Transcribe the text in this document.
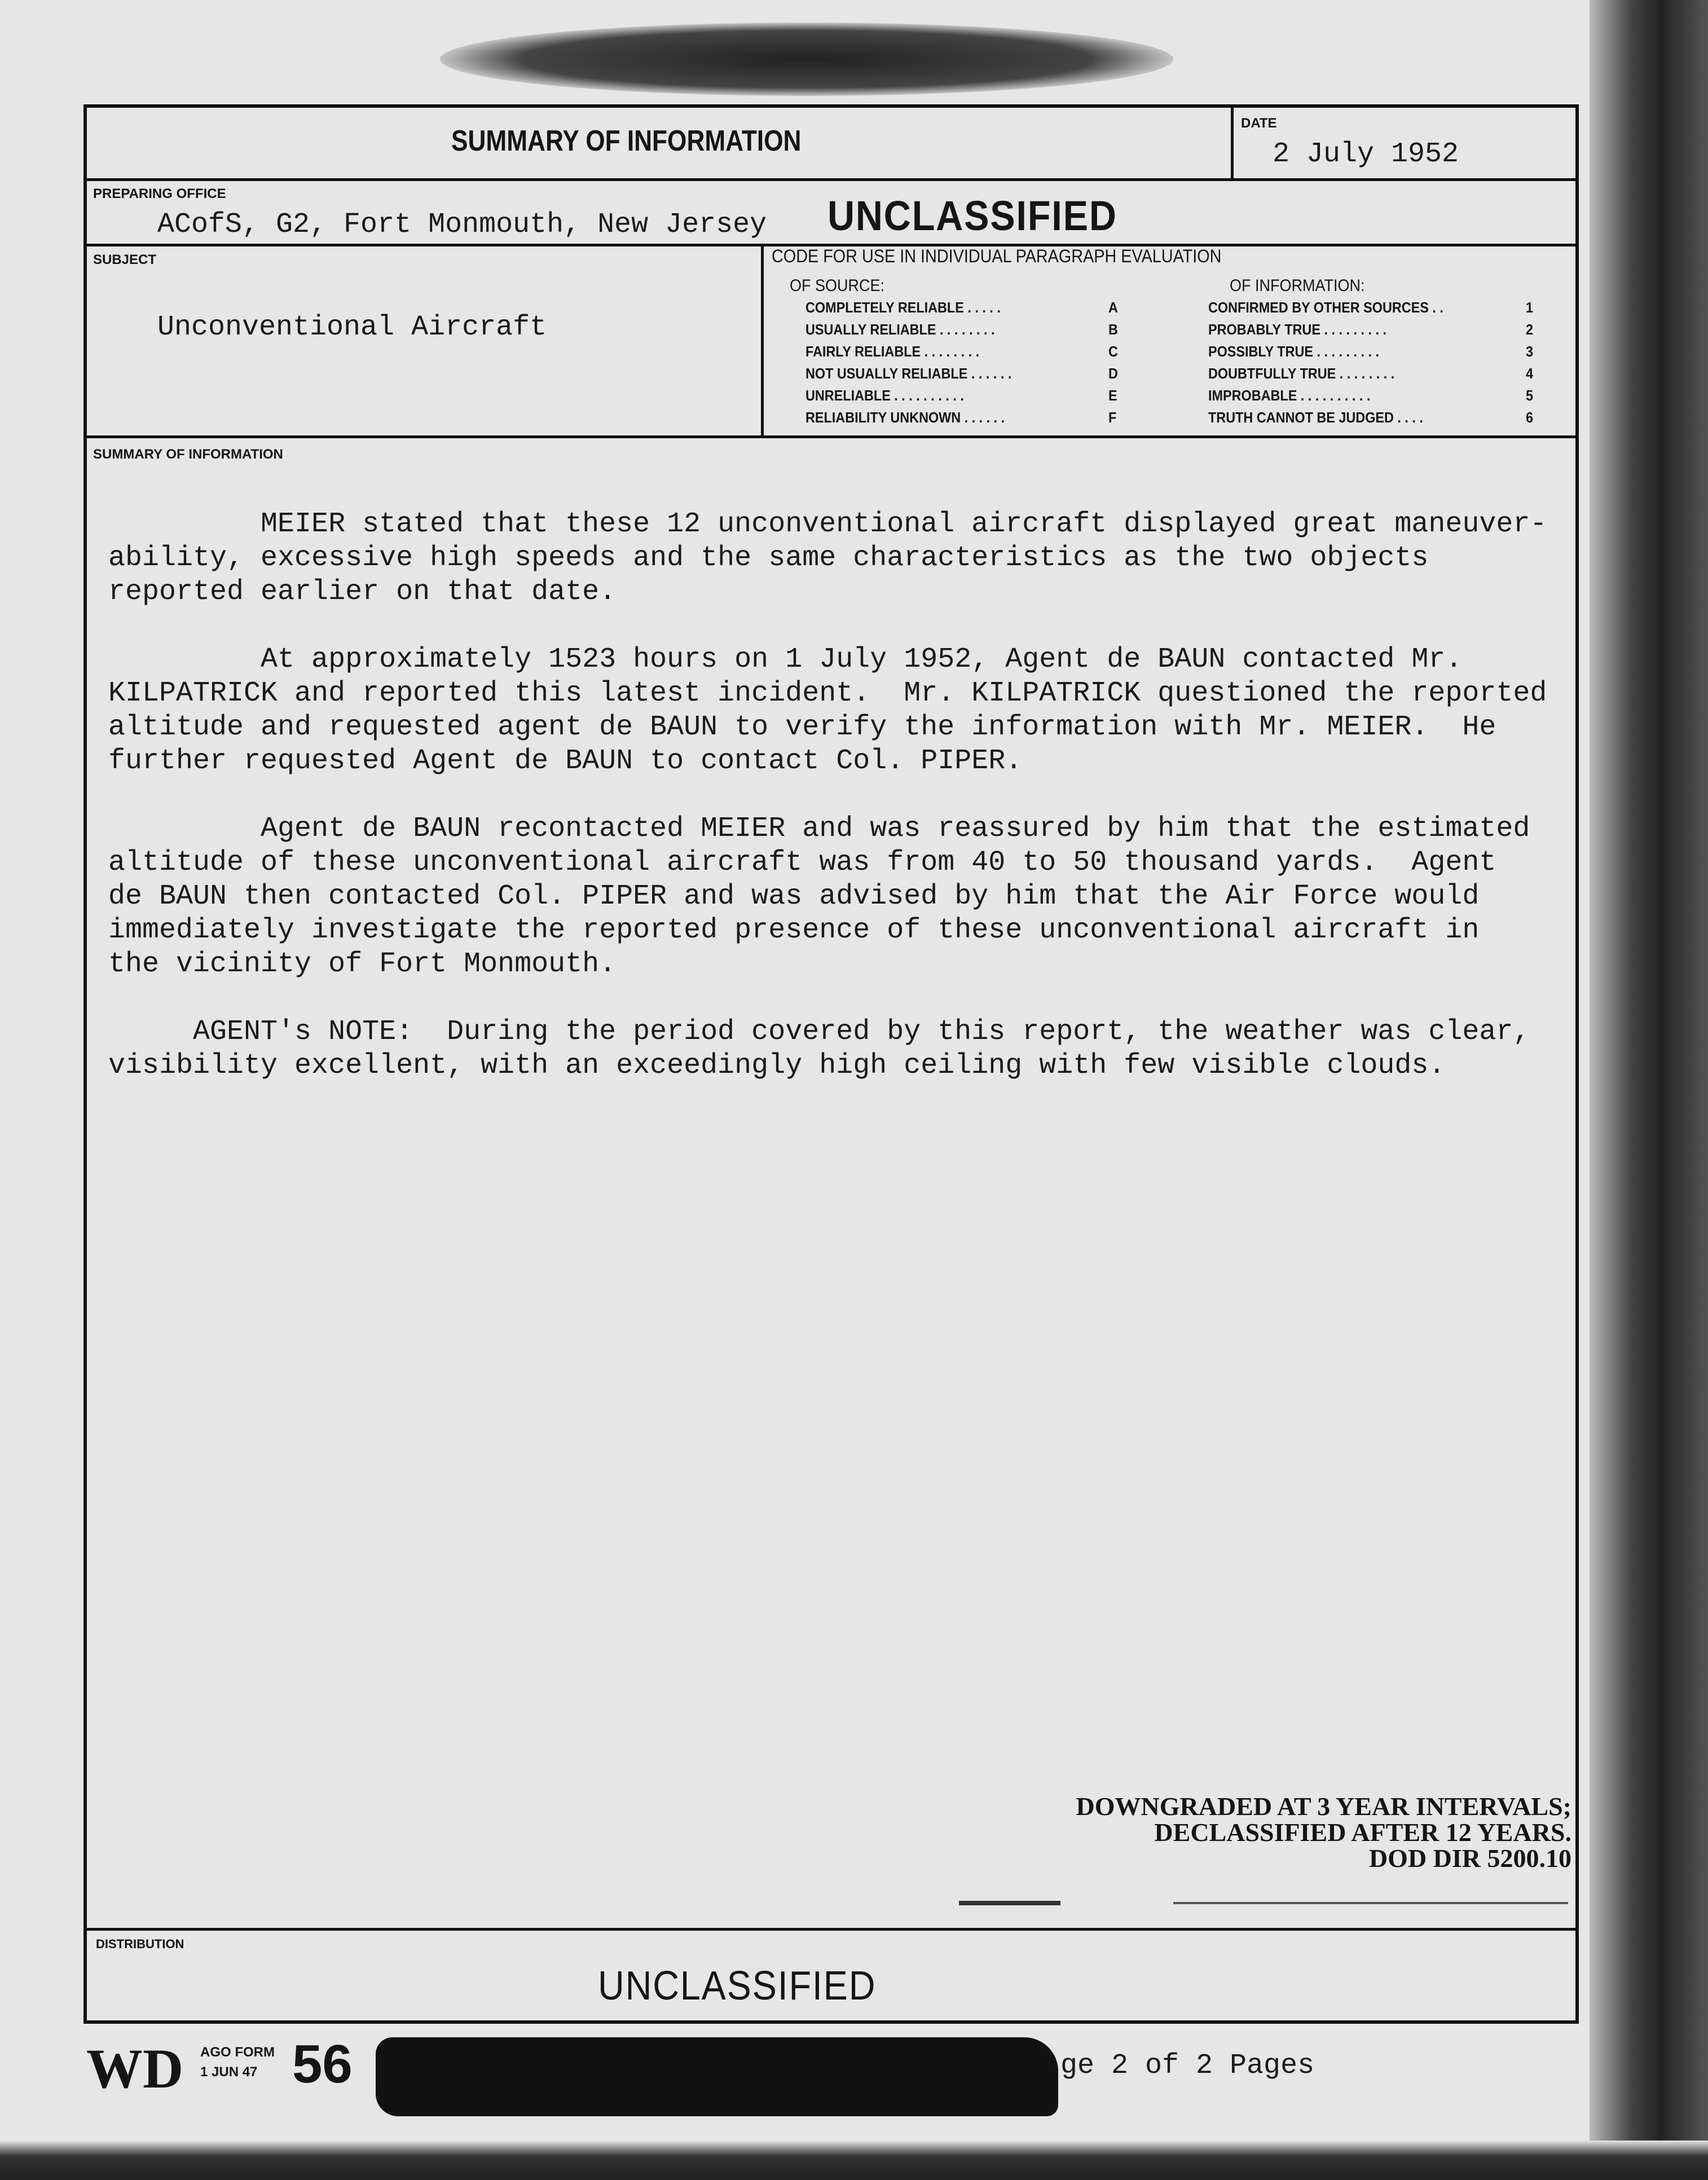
SUMMARY OF INFORMATION
DATE
2 July 1952
PREPARING OFFICE
ACofS, G2, Fort Monmouth, New Jersey UNCLASSIFIED
SUBJECT
Unconventional Aircraft
CODE FOR USE IN INDIVIDUAL PARAGRAPH EVALUATION
OF SOURCE:	OF INFORMATION:
COMPLETELY RELIABLE . . . . .	A	CONFIRMED BY OTHER SOURCES . .	1
USUALLY RELIABLE . . . . . . . .	B	PROBABLY TRUE . . . . . . . . .	2
FAIRLY RELIABLE . . . . . . . .	C	POSSIBLY TRUE . . . . . . . . .	3
NOT USUALLY RELIABLE . . . . . .	D	DOUBTFULLY TRUE . . . . . . . .	4
UNRELIABLE . . . . . . . . . .	E	IMPROBABLE . . . . . . . . . .	5
RELIABILITY UNKNOWN . . . . . .	F	TRUTH CANNOT BE JUDGED . . . .	6
SUMMARY OF INFORMATION
MEIER stated that these 12 unconventional aircraft displayed great maneuver-
ability, excessive high speeds and the same characteristics as the two objects
reported earlier on that date.
At approximately 1523 hours on 1 July 1952, Agent de BAUN contacted Mr.
KILPATRICK and reported this latest incident.  Mr. KILPATRICK questioned the reported
altitude and requested agent de BAUN to verify the information with Mr. MEIER.  He
further requested Agent de BAUN to contact Col. PIPER.
Agent de BAUN recontacted MEIER and was reassured by him that the estimated
altitude of these unconventional aircraft was from 40 to 50 thousand yards.  Agent
de BAUN then contacted Col. PIPER and was advised by him that the Air Force would
immediately investigate the reported presence of these unconventional aircraft in
the vicinity of Fort Monmouth.
AGENT's NOTE:  During the period covered by this report, the weather was clear,
visibility excellent, with an exceedingly high ceiling with few visible clouds.
DOWNGRADED AT 3 YEAR INTERVALS;
DECLASSIFIED AFTER 12 YEARS.
DOD DIR 5200.10
DISTRIBUTION
UNCLASSIFIED
WD AGO FORM
1 JUN 47 56	ge 2 of 2 Pages
